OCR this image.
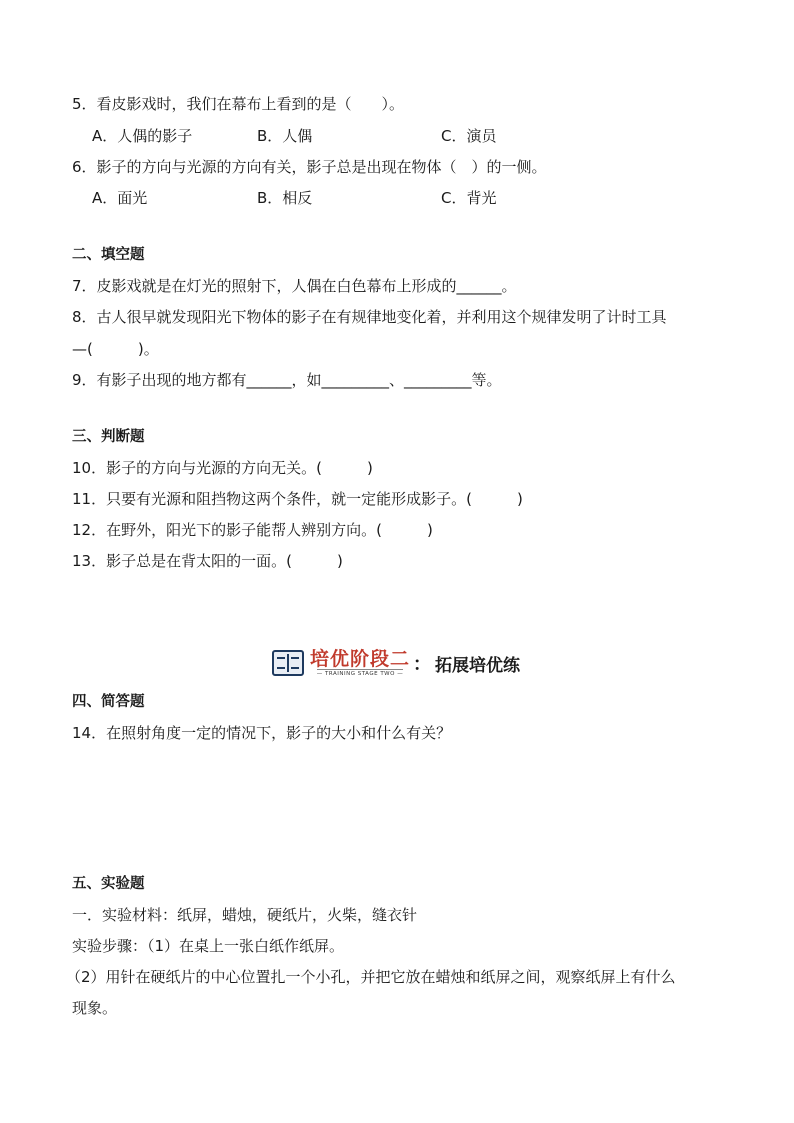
5．看皮影戏时，我们在幕布上看到的是（　　）。
A．人偶的影子	B．人偶	C．演员
6．影子的方向与光源的方向有关，影子总是出现在物体（　）的一侧。
A．面光	B．相反	C．背光
二、填空题
7．皮影戏就是在灯光的照射下，人偶在白色幕布上形成的______。
8．古人很早就发现阳光下物体的影子在有规律地变化着，并利用这个规律发明了计时工具
—(　　　)。
9．有影子出现的地方都有______，如_________、_________等。
三、判断题
10．影子的方向与光源的方向无关。(　　　)
11．只要有光源和阻挡物这两个条件，就一定能形成影子。(　　　)
12．在野外，阳光下的影子能帮人辨别方向。(　　　)
13．影子总是在背太阳的一面。(　　　)
培优阶段二
— TRAINING STAGE TWO — ： 拓展培优练
四、简答题
14．在照射角度一定的情况下，影子的大小和什么有关？
五、实验题
一．实验材料：纸屏，蜡烛，硬纸片，火柴，缝衣针
实验步骤：（1）在桌上一张白纸作纸屏。
（2）用针在硬纸片的中心位置扎一个小孔，并把它放在蜡烛和纸屏之间，观察纸屏上有什么
现象。
